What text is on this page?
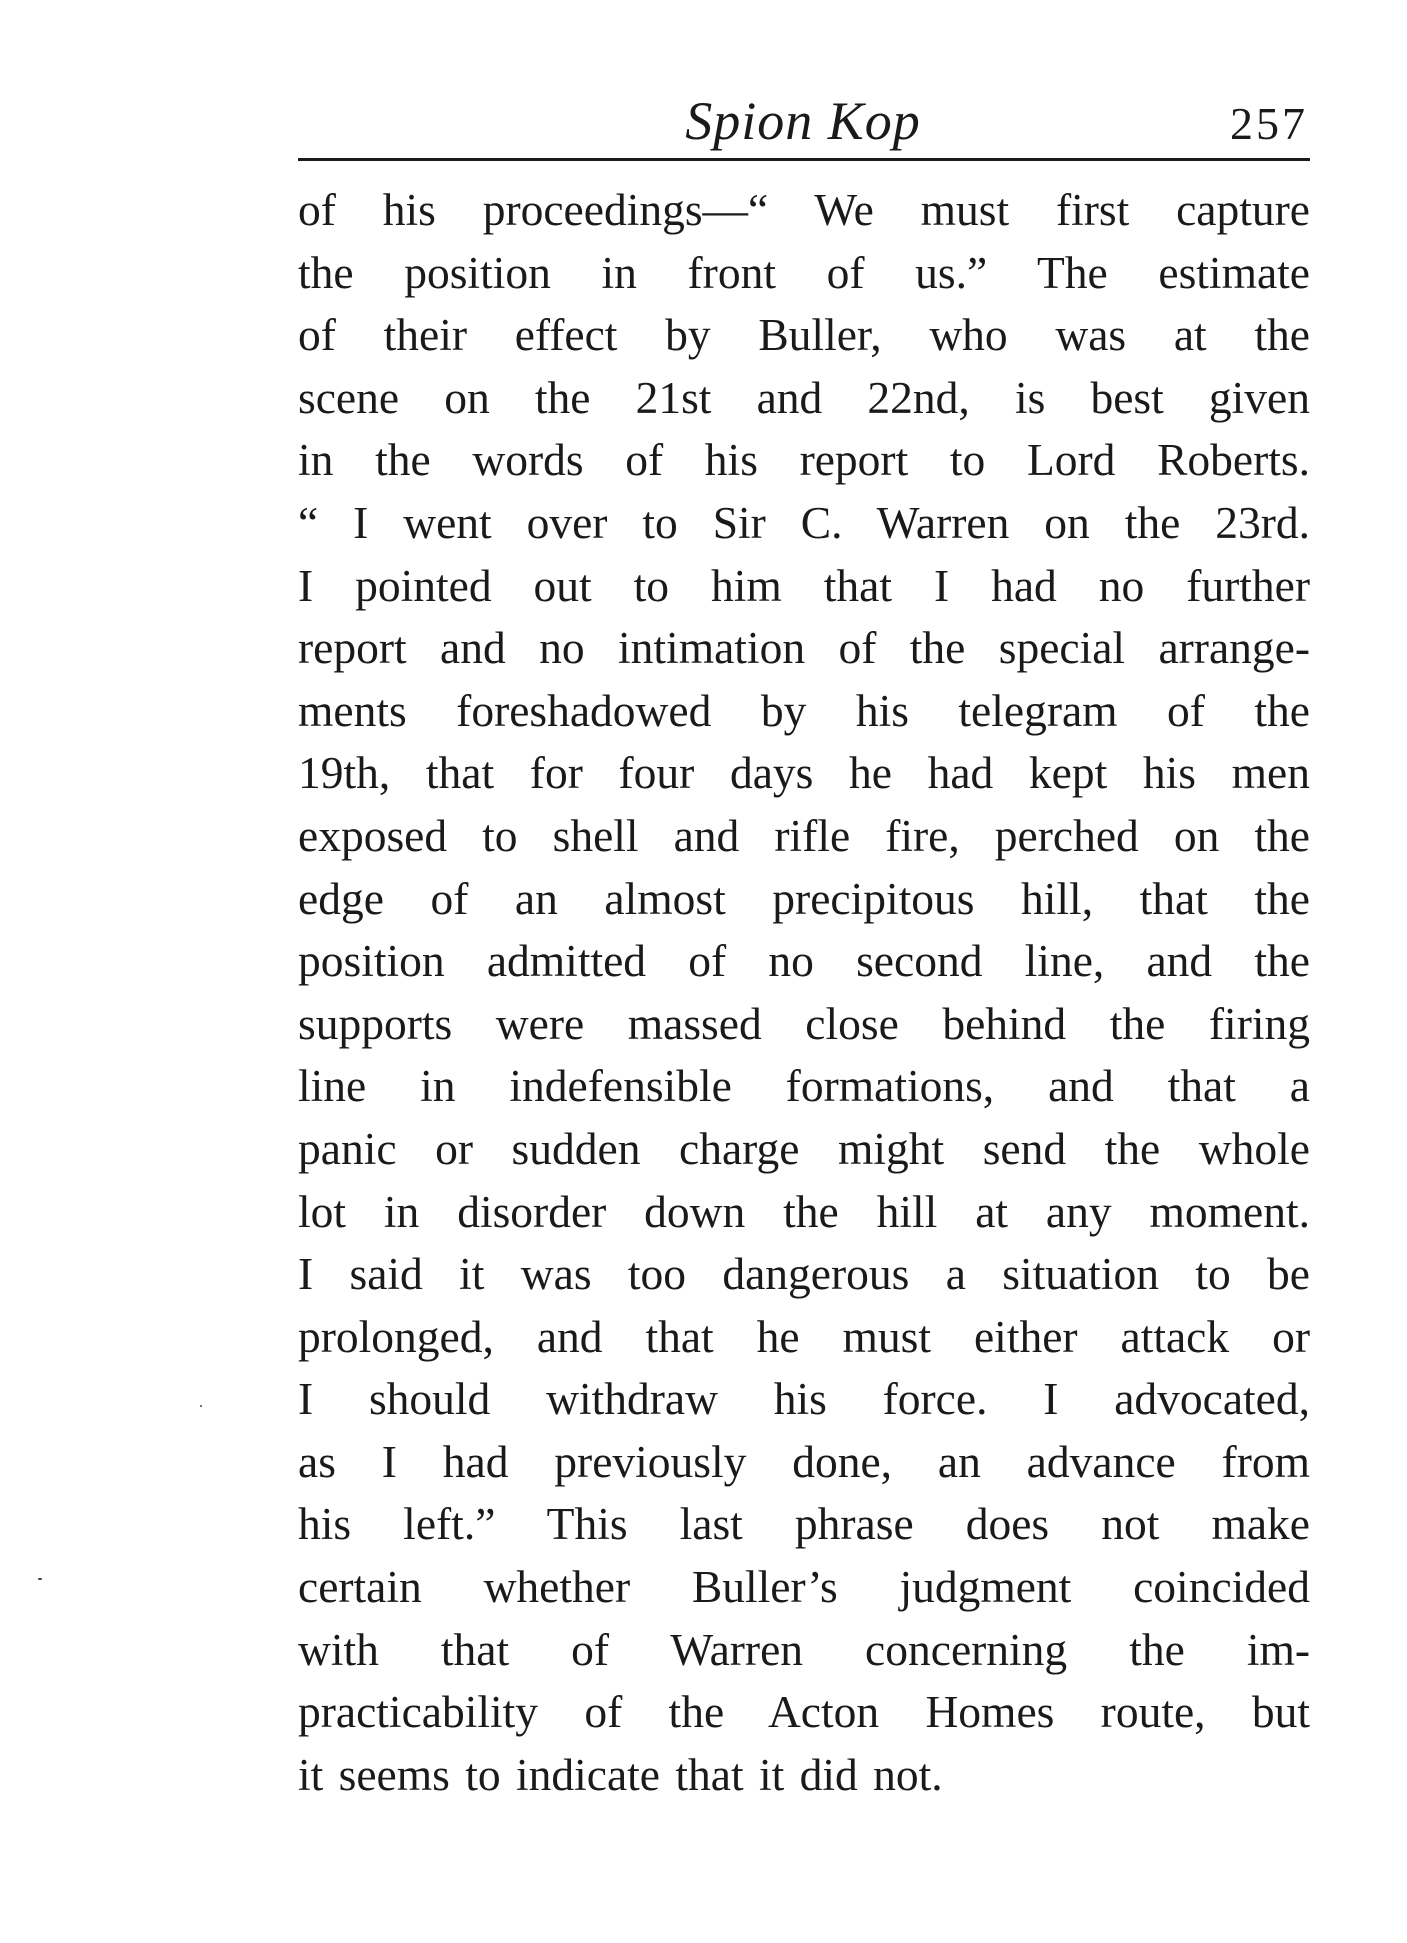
Spion Kop	257
of his proceedings—“ We must first capture
the position in front of us.” The estimate
of their effect by Buller, who was at the
scene on the 21st and 22nd, is best given
in the words of his report to Lord Roberts.
“ I went over to Sir C. Warren on the 23rd.
I pointed out to him that I had no further
report and no intimation of the special arrange-
ments foreshadowed by his telegram of the
19th, that for four days he had kept his men
exposed to shell and rifle fire, perched on the
edge of an almost precipitous hill, that the
position admitted of no second line, and the
supports were massed close behind the firing
line in indefensible formations, and that a
panic or sudden charge might send the whole
lot in disorder down the hill at any moment.
I said it was too dangerous a situation to be
prolonged, and that he must either attack or
I should withdraw his force. I advocated,
as I had previously done, an advance from
his left.” This last phrase does not make
certain whether Buller’s judgment coincided
with that of Warren concerning the im-
practicability of the Acton Homes route, but
it seems to indicate that it did not.
